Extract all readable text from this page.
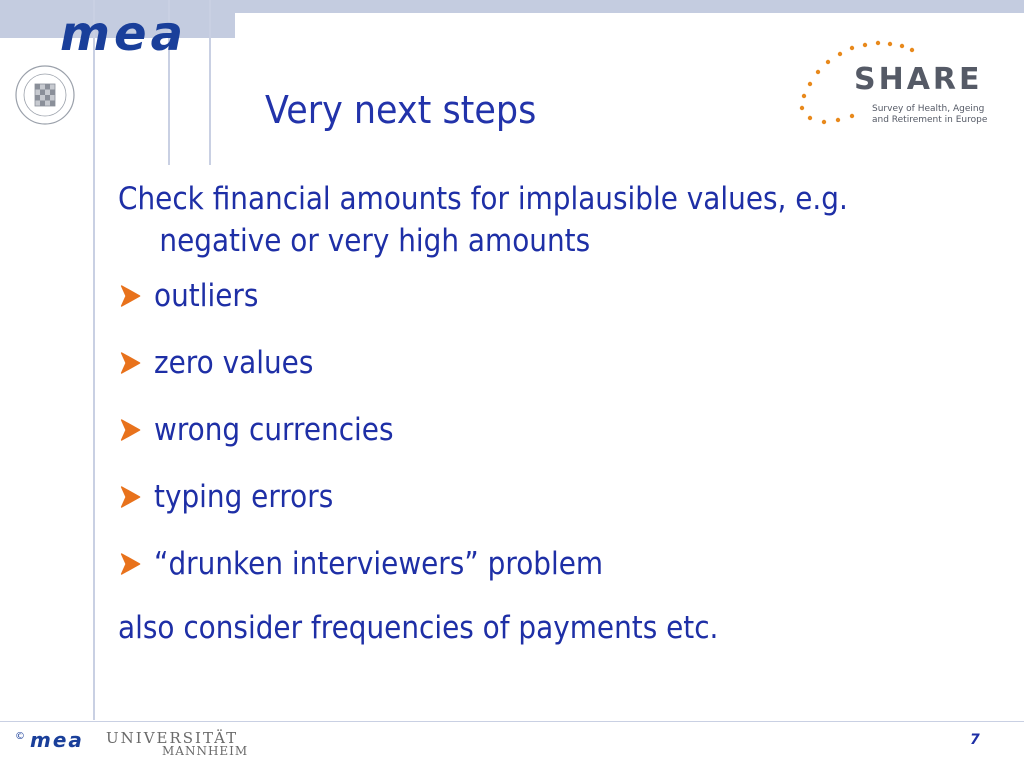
mea
Very next steps
SHARE
Survey of Health, Ageing
and Retirement in Europe

Check financial amounts for implausible values, e.g. negative or very high amounts

outliers
zero values
wrong currencies
typing errors
“drunken interviewers” problem

also consider frequencies of payments etc.

© mea UNIVERSITÄT
MANNHEIM
7
